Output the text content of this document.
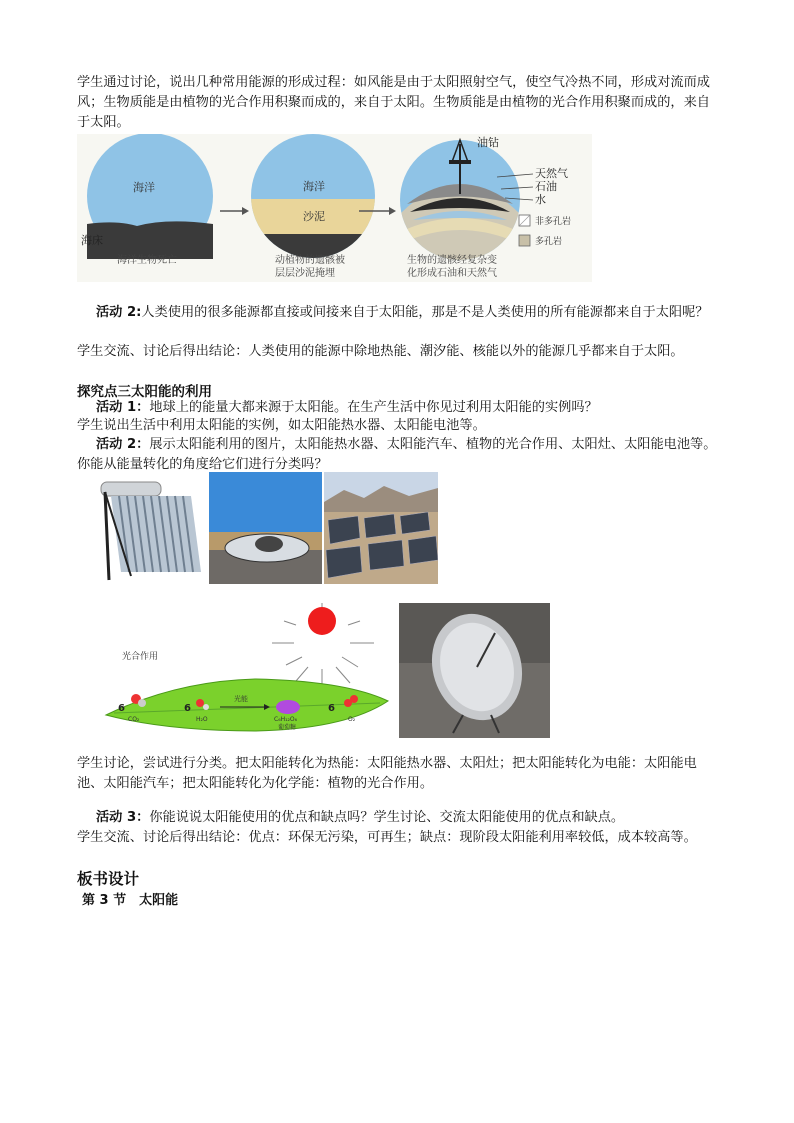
学生通过讨论，说出几种常用能源的形成过程：如风能是由于太阳照射空气，使空气冷热不同，形成对流而成风；生物质能是由植物的光合作用积聚而成的，来自于太阳。生物质能是由植物的光合作用积聚而成的，来自于太阳。

海洋
海床
海洋生物死亡
海洋
沙泥
动植物的遗骸被
层层沙泥掩埋
油钻
天然气
石油
水
非多孔岩
多孔岩
生物的遗骸经复杂变
化形成石油和天然气

活动 2:人类使用的很多能源都直接或间接来自于太阳能，那是不是人类使用的所有能源都来自于太阳呢？

学生交流、讨论后得出结论：人类使用的能源中除地热能、潮汐能、核能以外的能源几乎都来自于太阳。

探究点三太阳能的利用

活动 1：地球上的能量大都来源于太阳能。在生产生活中你见过利用太阳能的实例吗？

学生说出生活中利用太阳能的实例，如太阳能热水器、太阳能电池等。

活动 2：展示太阳能利用的图片，太阳能热水器、太阳能汽车、植物的光合作用、太阳灶、太阳能电池等。你能从能量转化的角度给它们进行分类吗？

光合作用
6
CO₂
6
H₂O
光能
C₆H₁₂O₆
葡萄糖
6
O₂

学生讨论，尝试进行分类。把太阳能转化为热能：太阳能热水器、太阳灶；把太阳能转化为电能：太阳能电池、太阳能汽车；把太阳能转化为化学能：植物的光合作用。

活动 3：你能说说太阳能使用的优点和缺点吗？学生讨论、交流太阳能使用的优点和缺点。

学生交流、讨论后得出结论：优点：环保无污染，可再生；缺点：现阶段太阳能利用率较低，成本较高等。

板书设计

第 3 节　太阳能
